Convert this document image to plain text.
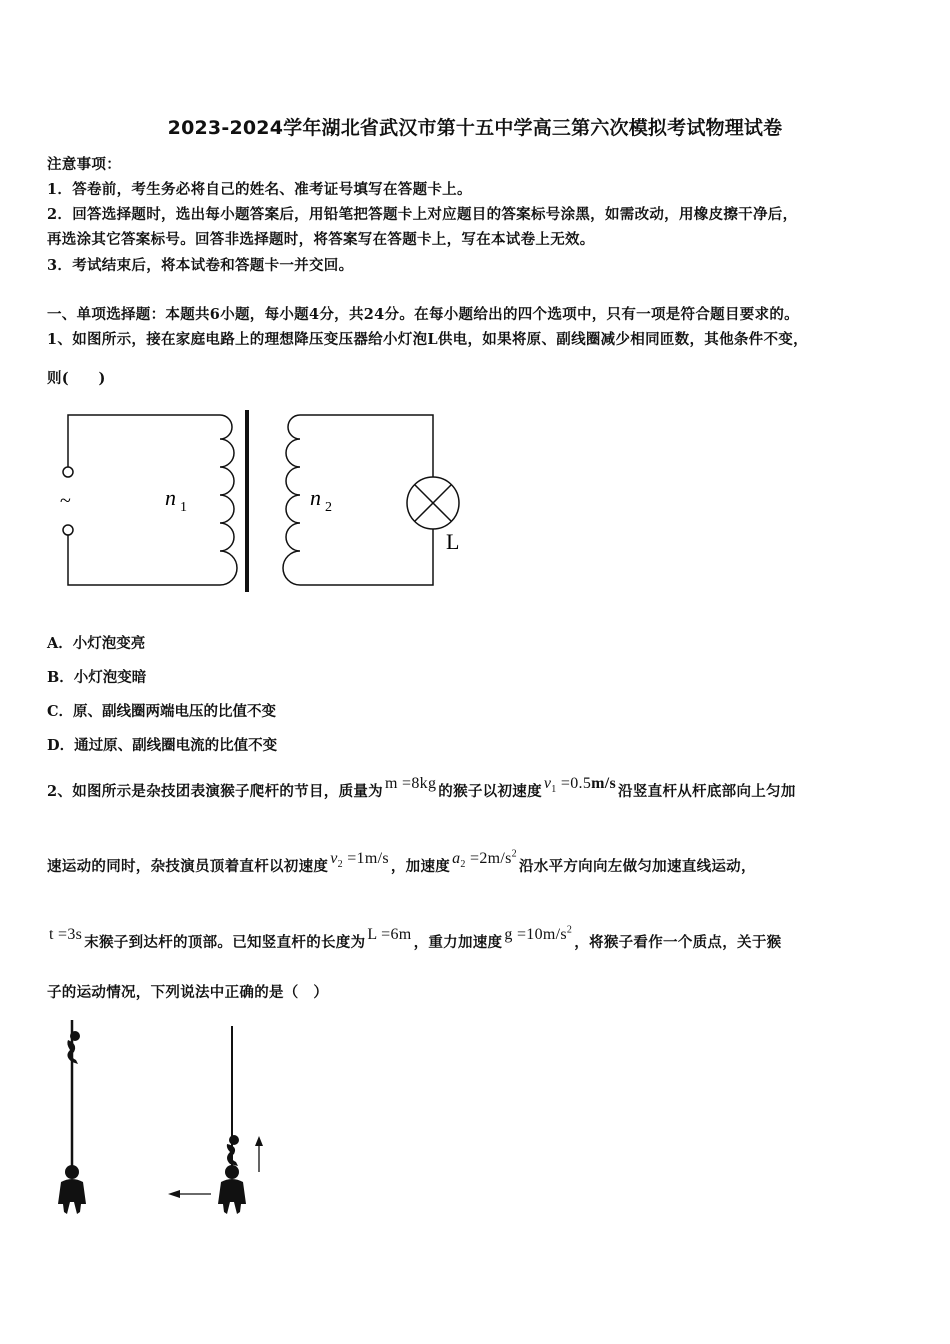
2023-2024学年湖北省武汉市第十五中学高三第六次模拟考试物理试卷
注意事项：
1．答卷前，考生务必将自己的姓名、准考证号填写在答题卡上。
2．回答选择题时，选出每小题答案后，用铅笔把答题卡上对应题目的答案标号涂黑，如需改动，用橡皮擦干净后，
再选涂其它答案标号。回答非选择题时，将答案写在答题卡上，写在本试卷上无效。
3．考试结束后，将本试卷和答题卡一并交回。
一、单项选择题：本题共6小题，每小题4分，共24分。在每小题给出的四个选项中，只有一项是符合题目要求的。
1、如图所示，接在家庭电路上的理想降压变压器给小灯泡L供电，如果将原、副线圈减少相同匝数，其他条件不变，
则(　　)
~	n 1	n 2
L
A．小灯泡变亮
B．小灯泡变暗
C．原、副线圈两端电压的比值不变
D．通过原、副线圈电流的比值不变
2、如图所示是杂技团表演猴子爬杆的节目，质量为 m =8kg 的猴子以初速度 $v_1 =0.5m/s$ 沿竖直杆从杆底部向上匀加
速运动的同时，杂技演员顶着直杆以初速度 $v_2 =1m/s$ ，加速度 $a_2 =2m/s^2$沿水平方向向左做匀加速直线运动，
t =3s 末猴子到达杆的顶部。已知竖直杆的长度为 L =6m ，重力加速度 $g =10m/s^2$，将猴子看作一个质点，关于猴
子的运动情况，下列说法中正确的是（　）
